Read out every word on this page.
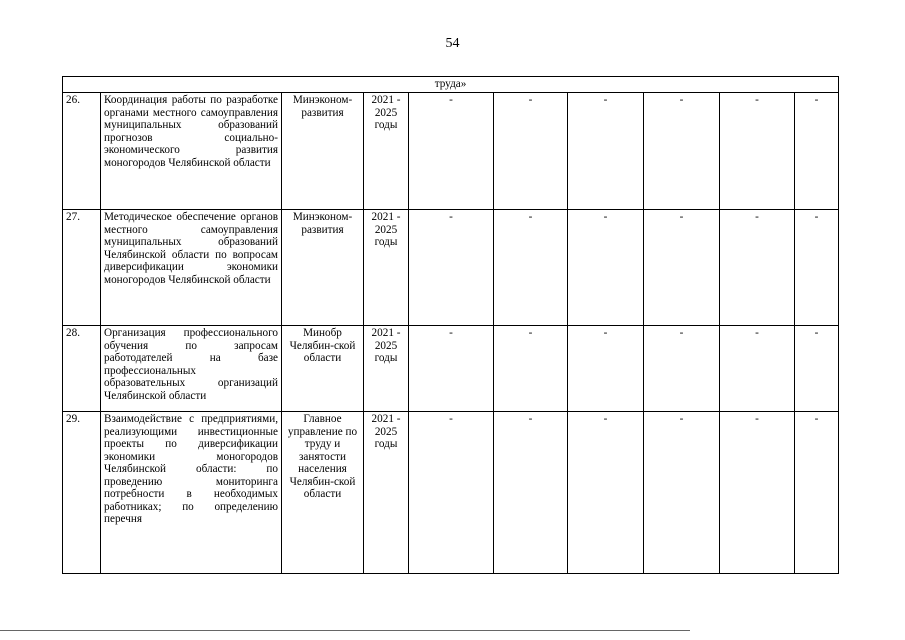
54
труда»									
26.	Координация работы по разработке органами местного самоуправления муниципальных образований прогнозов социально-экономического развития моногородов Челябинской области	Минэконом-развития	2021 - 2025 годы	-	-	-	-	-	-
27.	Методическое обеспечение органов местного самоуправления муниципальных образований Челябинской области по вопросам диверсификации экономики моногородов Челябинской области	Минэконом-развития	2021 - 2025 годы	-	-	-	-	-	-
28.	Организация профессионального обучения по запросам работодателей на базе профессиональных образовательных организаций Челябинской области	Минобр Челябин-ской области	2021 - 2025 годы	-	-	-	-	-	-
29.	Взаимодействие с предприятиями, реализующими инвестиционные проекты по диверсификации экономики моногородов Челябинской области: по проведению мониторинга потребности в необходимых работниках; по определению перечня	Главное управление по труду и занятости населения Челябин-ской области	2021 - 2025 годы	-	-	-	-	-	-
